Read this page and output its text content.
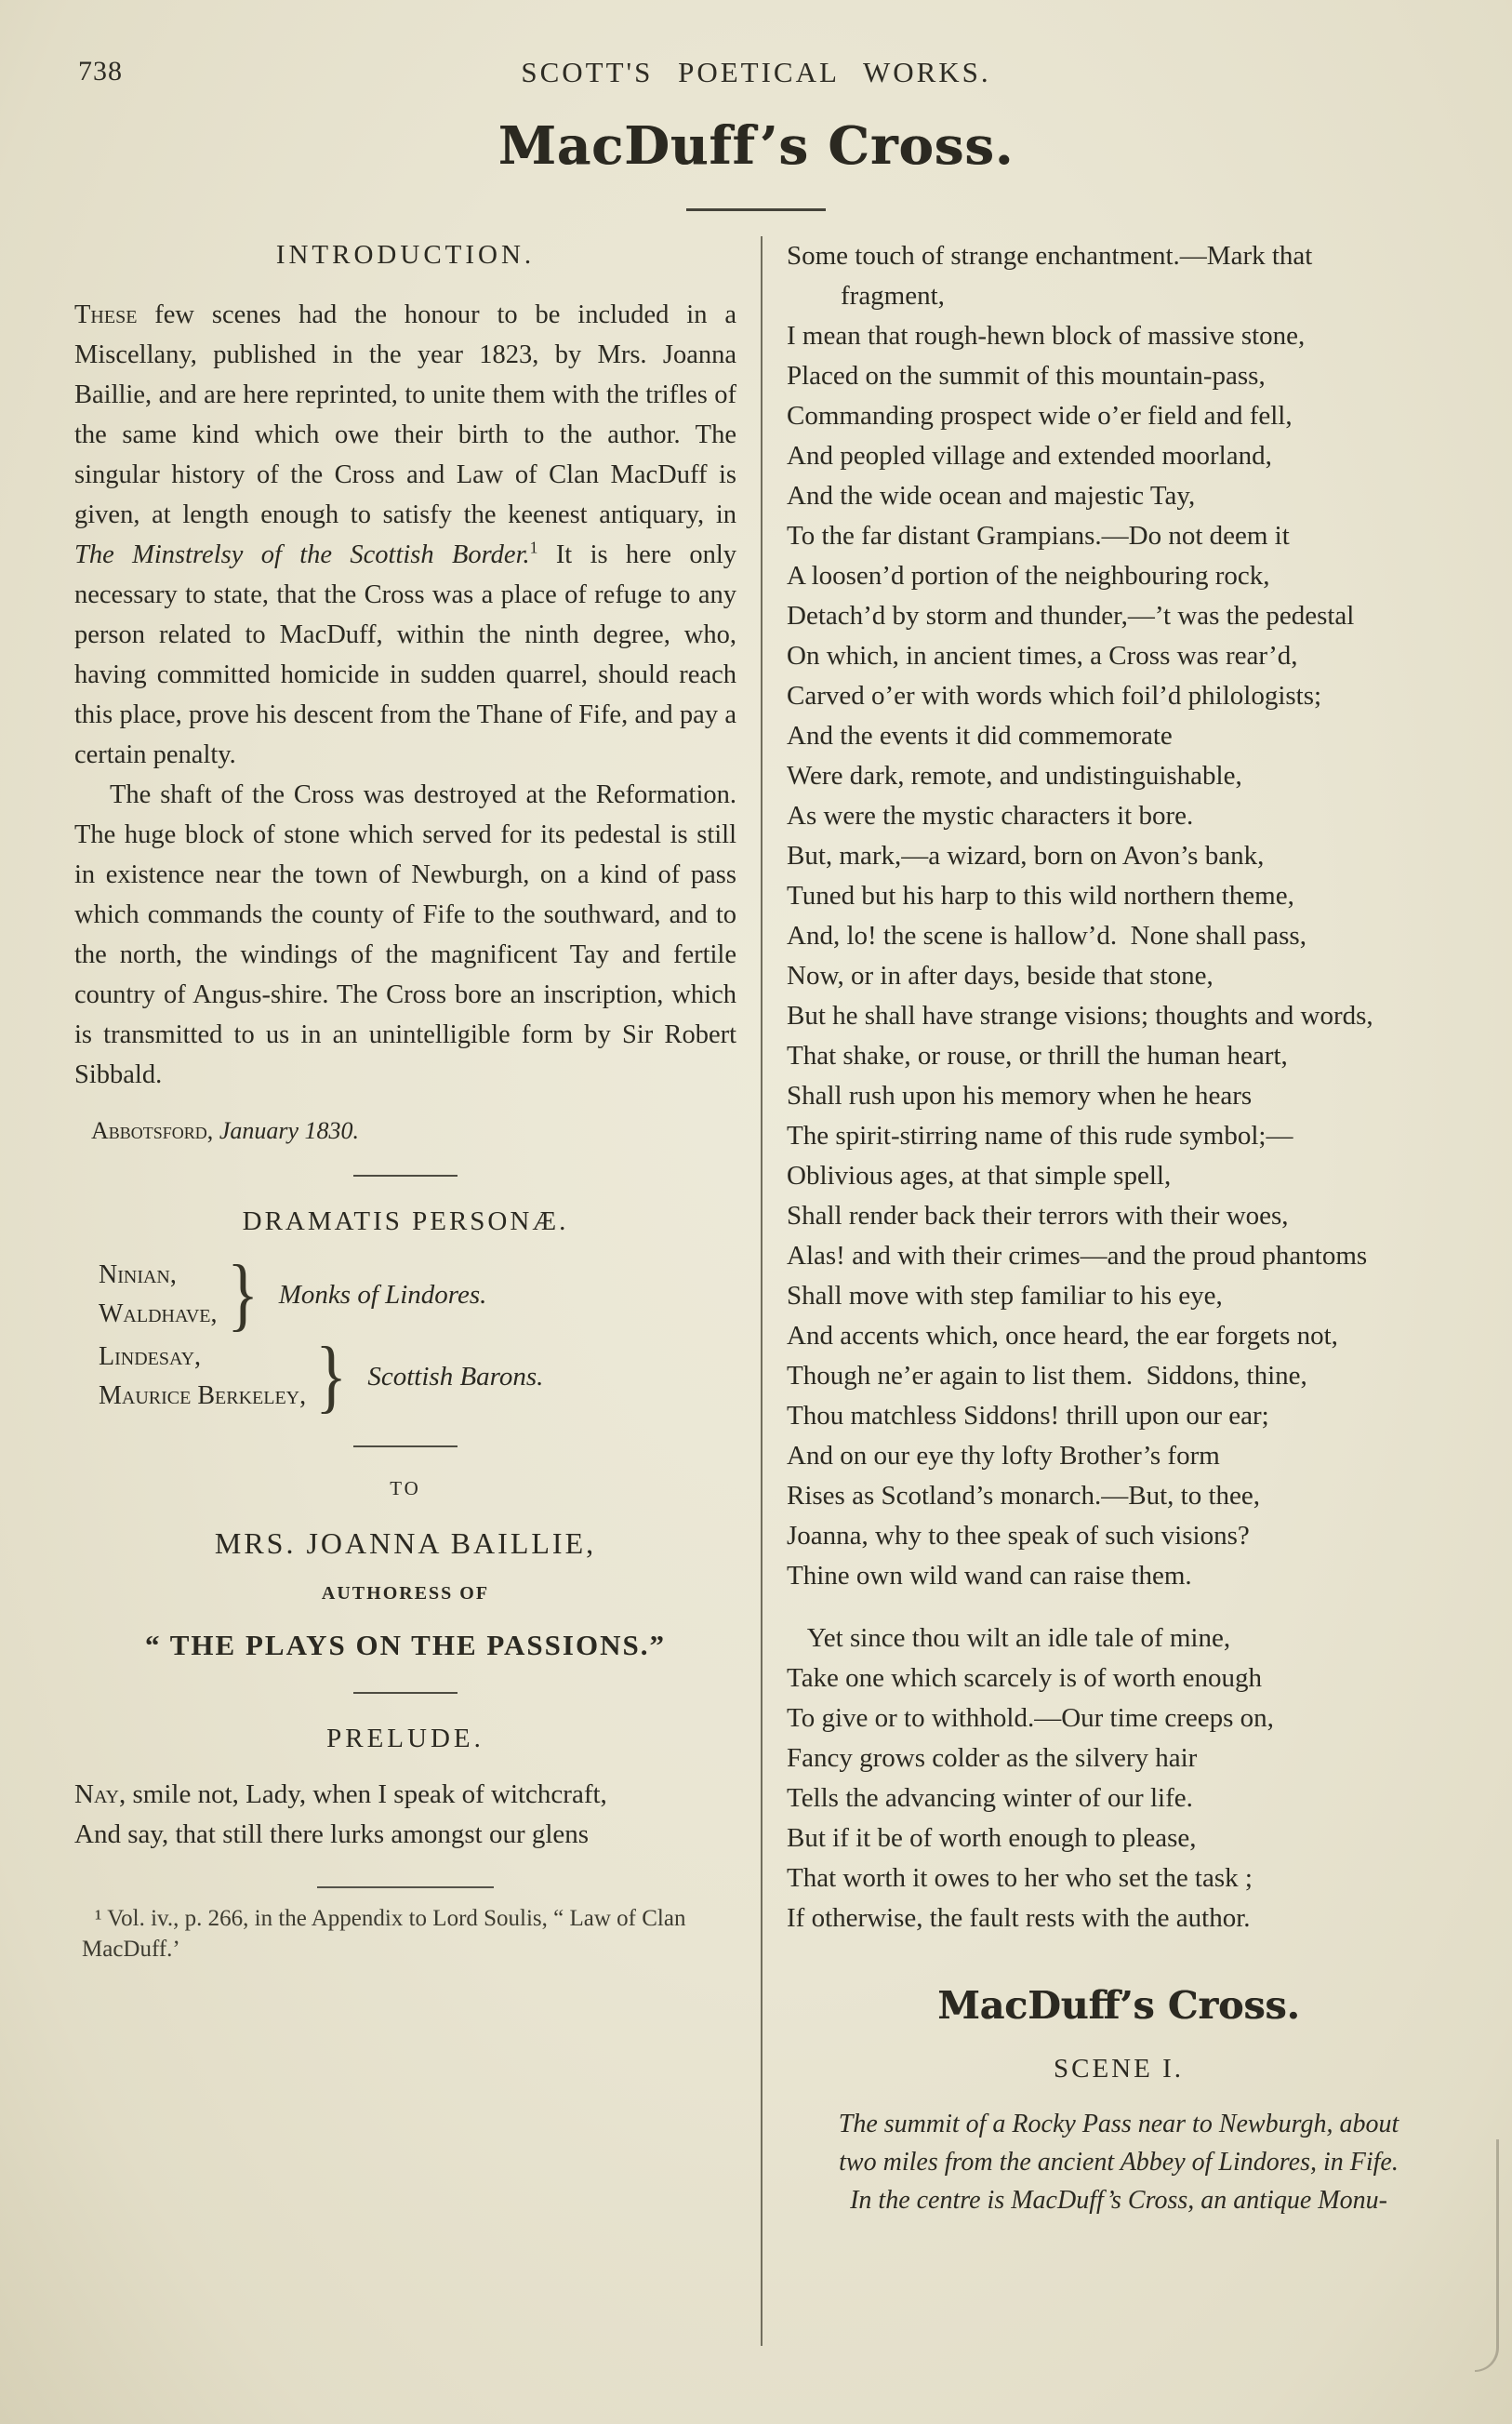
738	SCOTT'S POETICAL WORKS.
MacDuff’s Cross.
INTRODUCTION.

These few scenes had the honour to be included in a Miscellany, published in the year 1823, by Mrs. Joanna Baillie, and are here reprinted, to unite them with the trifles of the same kind which owe their birth to the author. The singular history of the Cross and Law of Clan MacDuff is given, at length enough to satisfy the keenest antiquary, in The Minstrelsy of the Scottish Border.$^1$ It is here only necessary to state, that the Cross was a place of refuge to any person related to MacDuff, within the ninth degree, who, having committed homicide in sudden quarrel, should reach this place, prove his descent from the Thane of Fife, and pay a certain penalty.

The shaft of the Cross was destroyed at the Reformation. The huge block of stone which served for its pedestal is still in existence near the town of Newburgh, on a kind of pass which commands the county of Fife to the southward, and to the north, the windings of the magnificent Tay and fertile country of Angus-shire. The Cross bore an inscription, which is transmitted to us in an unintelligible form by Sir Robert Sibbald.

Abbotsford, January 1830.
DRAMATIS PERSONÆ.
Ninian,
Waldhave, } Monks of Lindores.
Lindesay,
Maurice Berkeley, } Scottish Barons.
TO
MRS. JOANNA BAILLIE,
AUTHORESS OF
“ THE PLAYS ON THE PASSIONS.”
PRELUDE.
Nay, smile not, Lady, when I speak of witchcraft,
And say, that still there lurks amongst our glens
¹ Vol. iv., p. 266, in the Appendix to Lord Soulis, “ Law of Clan MacDuff.’
Some touch of strange enchantment.—Mark that
fragment,
I mean that rough-hewn block of massive stone,
Placed on the summit of this mountain-pass,
Commanding prospect wide o’er field and fell,
And peopled village and extended moorland,
And the wide ocean and majestic Tay,
To the far distant Grampians.—Do not deem it
A loosen’d portion of the neighbouring rock,
Detach’d by storm and thunder,—’t was the pedestal
On which, in ancient times, a Cross was rear’d,
Carved o’er with words which foil’d philologists;
And the events it did commemorate
Were dark, remote, and undistinguishable,
As were the mystic characters it bore.
But, mark,—a wizard, born on Avon’s bank,
Tuned but his harp to this wild northern theme,
And, lo! the scene is hallow’d.  None shall pass,
Now, or in after days, beside that stone,
But he shall have strange visions; thoughts and words,
That shake, or rouse, or thrill the human heart,
Shall rush upon his memory when he hears
The spirit-stirring name of this rude symbol;—
Oblivious ages, at that simple spell,
Shall render back their terrors with their woes,
Alas! and with their crimes—and the proud phantoms
Shall move with step familiar to his eye,
And accents which, once heard, the ear forgets not,
Though ne’er again to list them.  Siddons, thine,
Thou matchless Siddons! thrill upon our ear;
And on our eye thy lofty Brother’s form
Rises as Scotland’s monarch.—But, to thee,
Joanna, why to thee speak of such visions?
Thine own wild wand can raise them.
Yet since thou wilt an idle tale of mine,
Take one which scarcely is of worth enough
To give or to withhold.—Our time creeps on,
Fancy grows colder as the silvery hair
Tells the advancing winter of our life.
But if it be of worth enough to please,
That worth it owes to her who set the task ;
If otherwise, the fault rests with the author.
MacDuff’s Cross.
SCENE I.
The summit of a Rocky Pass near to Newburgh, about
two miles from the ancient Abbey of Lindores, in Fife.
In the centre is MacDuff’s Cross, an antique Monu-
